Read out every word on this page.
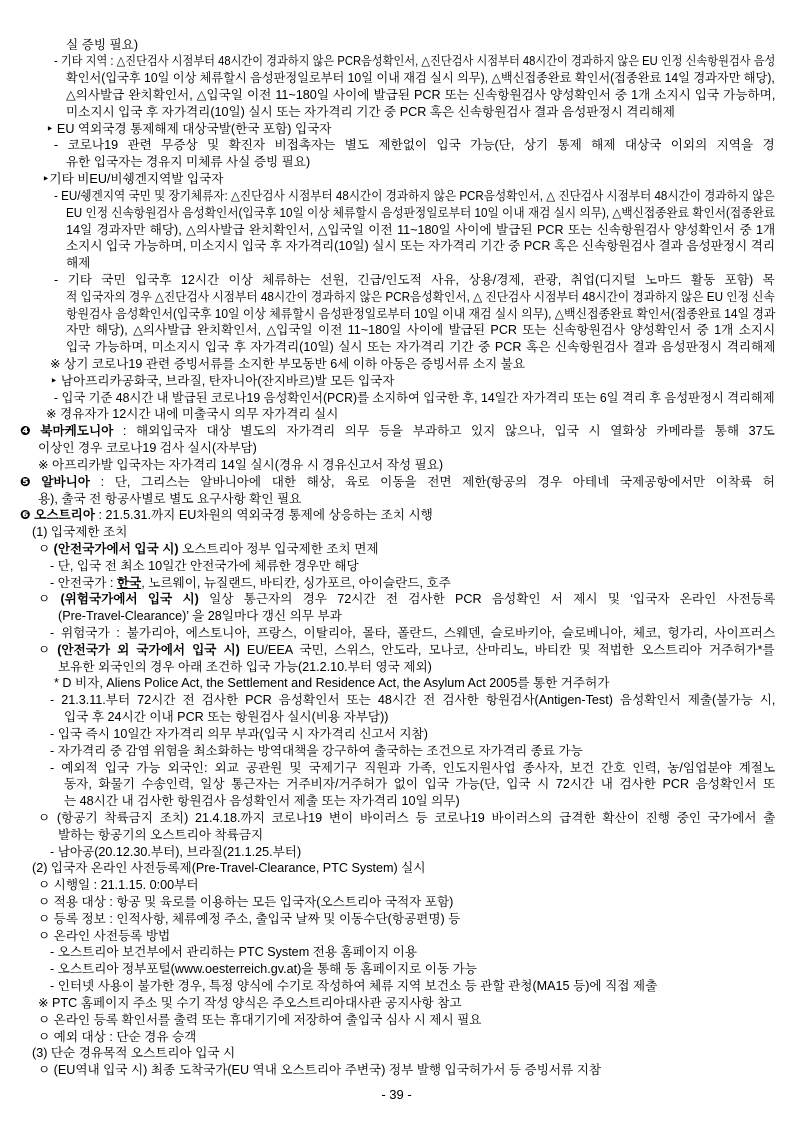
실 증빙 필요)
- 기타 지역 : △진단검사 시점부터 48시간이 경과하지 않은 PCR음성확인서, △진단검사 시점부터 48시간이 경과하지 않은 EU 인정 신속항원검사 음성
확인서(입국후 10일 이상 체류할시 음성판정일로부터 10일 이내 재검 실시 의무), △백신접종완료 확인서(접종완료 14일 경과자만 해당),
△의사발급 완치확인서, △입국일 이전 11~180일 사이에 발급된 PCR 또는 신속항원검사 양성확인서 중 1개 소지시 입국 가능하며,
미소지시 입국 후 자가격리(10일) 실시 또는 자가격리 기간 중 PCR 혹은 신속항원검사 결과 음성판정시 격리해제
‣ EU 역외국경 통제해제 대상국발(한국 포함) 입국자
- 코로나19 관련 무증상 및 확진자 비접촉자는 별도 제한없이 입국 가능(단, 상기 통제 해제 대상국 이외의 지역을 경
유한 입국자는 경유지 미체류 사실 증빙 필요)
‣기타 비EU/비쉥겐지역발 입국자
- EU/쉥겐지역 국민 및 장기체류자: △진단검사 시점부터 48시간이 경과하지 않은 PCR음성확인서, △ 진단검사 시점부터 48시간이 경과하지 않은
EU 인정 신속항원검사 음성확인서(입국후 10일 이상 체류할시 음성판정일로부터 10일 이내 재검 실시 의무), △백신접종완료 확인서(접종완료
14일 경과자만 해당), △의사발급 완치확인서, △입국일 이전 11~180일 사이에 발급된 PCR 또는 신속항원검사 양성확인서 중 1개
소지시 입국 가능하며, 미소지시 입국 후 자가격리(10일) 실시 또는 자가격리 기간 중 PCR 혹은 신속항원검사 결과 음성판정시 격리
해제
- 기타 국민 입국후 12시간 이상 체류하는 선원, 긴급/인도적 사유, 상용/경제, 관광, 취업(디지털 노마드 활동 포함) 목
적 입국자의 경우 △진단검사 시점부터 48시간이 경과하지 않은 PCR음성확인서, △ 진단검사 시점부터 48시간이 경과하지 않은 EU 인정 신속
항원검사 음성확인서(입국후 10일 이상 체류할시 음성판정일로부터 10일 이내 재검 실시 의무), △백신접종완료 확인서(접종완료 14일 경과
자만 해당), △의사발급 완치확인서, △입국일 이전 11~180일 사이에 발급된 PCR 또는 신속항원검사 양성확인서 중 1개 소지시
입국 가능하며, 미소지시 입국 후 자가격리(10일) 실시 또는 자가격리 기간 중 PCR 혹은 신속항원검사 결과 음성판정시 격리해제
※ 상기 코로나19 관련 증빙서류를 소지한 부모동반 6세 이하 아동은 증빙서류 소지 불요
‣ 남아프리카공화국, 브라질, 탄자니아(잔지바르)발 모든 입국자
- 입국 기준 48시간 내 발급된 코로나19 음성확인서(PCR)를 소지하여 입국한 후, 14일간 자가격리 또는 6일 격리 후 음성판정시 격리해제
※ 경유자가 12시간 내에 미출국시 의무 자가격리 실시
❹ 북마케도니아 : 해외입국자 대상 별도의 자가격리 의무 등을 부과하고 있지 않으나, 입국 시 열화상 카메라를 통해 37도
이상인 경우 코로나19 검사 실시(자부담)
※ 아프리카발 입국자는 자가격리 14일 실시(경유 시 경유신고서 작성 필요)
❺ 알바니아 : 단, 그리스는 알바니아에 대한 해상, 육로 이동을 전면 제한(항공의 경우 아테네 국제공항에서만 이착륙 허
용), 출국 전 항공사별로 별도 요구사항 확인 필요
❻ 오스트리아 : 21.5.31.까지 EU차원의 역외국경 통제에 상응하는 조치 시행
(1) 입국제한 조치
ㅇ (안전국가에서 입국 시) 오스트리아 정부 입국제한 조치 면제
- 단, 입국 전 최소 10일간 안전국가에 체류한 경우만 해당
- 안전국가 : 한국, 노르웨이, 뉴질랜드, 바티칸, 싱가포르, 아이슬란드, 호주
ㅇ (위험국가에서 입국 시) 일상 통근자의 경우 72시간 전 검사한 PCR 음성확인 서 제시 및 ‘입국자 온라인 사전등록
(Pre-Travel-Clearance)’ 을 28일마다 갱신 의무 부과
- 위험국가 : 불가리아, 에스토니아, 프랑스, 이탈리아, 몰타, 폴란드, 스웨덴, 슬로바키아, 슬로베니아, 체코, 헝가리, 사이프러스
ㅇ (안전국가 외 국가에서 입국 시) EU/EEA 국민, 스위스, 안도라, 모나코, 산마리노, 바티칸 및 적법한 오스트리아 거주허가*를
보유한 외국인의 경우 아래 조건하 입국 가능(21.2.10.부터 영국 제외)
* D 비자, Aliens Police Act, the Settlement and Residence Act, the Asylum Act 2005를 통한 거주허가
- 21.3.11.부터 72시간 전 검사한 PCR 음성확인서 또는 48시간 전 검사한 항원검사(Antigen-Test) 음성확인서 제출(불가능 시,
입국 후 24시간 이내 PCR 또는 항원검사 실시(비용 자부담))
- 입국 즉시 10일간 자가격리 의무 부과(입국 시 자가격리 신고서 지참)
- 자가격리 중 감염 위험을 최소화하는 방역대책을 강구하여 출국하는 조건으로 자가격리 종료 가능
- 예외적 입국 가능 외국인: 외교 공관원 및 국제기구 직원과 가족, 인도지원사업 종사자, 보건 간호 인력, 농/임업분야 계절노
동자, 화물기 수송인력, 일상 통근자는 거주비자/거주허가 없이 입국 가능(단, 입국 시 72시간 내 검사한 PCR 음성확인서 또
는 48시간 내 검사한 항원검사 음성확인서 제출 또는 자가격리 10일 의무)
ㅇ (항공기 착륙금지 조치) 21.4.18.까지 코로나19 변이 바이러스 등 코로나19 바이러스의 급격한 확산이 진행 중인 국가에서 출
발하는 항공기의 오스트리아 착륙금지
- 남아공(20.12.30.부터), 브라질(21.1.25.부터)
(2) 입국자 온라인 사전등록제(Pre-Travel-Clearance, PTC System) 실시
ㅇ 시행일 : 21.1.15. 0:00부터
ㅇ 적용 대상 : 항공 및 육로를 이용하는 모든 입국자(오스트리아 국적자 포함)
ㅇ 등록 정보 : 인적사항, 체류예정 주소, 출입국 날짜 및 이동수단(항공편명) 등
ㅇ 온라인 사전등록 방법
- 오스트리아 보건부에서 관리하는 PTC System 전용 홈페이지 이용
- 오스트리아 정부포털(www.oesterreich.gv.at)을 통해 동 홈페이지로 이동 가능
- 인터넷 사용이 불가한 경우, 특정 양식에 수기로 작성하여 체류 지역 보건소 등 관할 관청(MA15 등)에 직접 제출
※ PTC 홈페이지 주소 및 수기 작성 양식은 주오스트리아대사관 공지사항 참고
ㅇ 온라인 등록 확인서를 출력 또는 휴대기기에 저장하여 출입국 심사 시 제시 필요
ㅇ 예외 대상 : 단순 경유 승객
(3) 단순 경유목적 오스트리아 입국 시
ㅇ (EU역내 입국 시) 최종 도착국가(EU 역내 오스트리아 주변국) 정부 발행 입국허가서 등 증빙서류 지참
- 39 -
